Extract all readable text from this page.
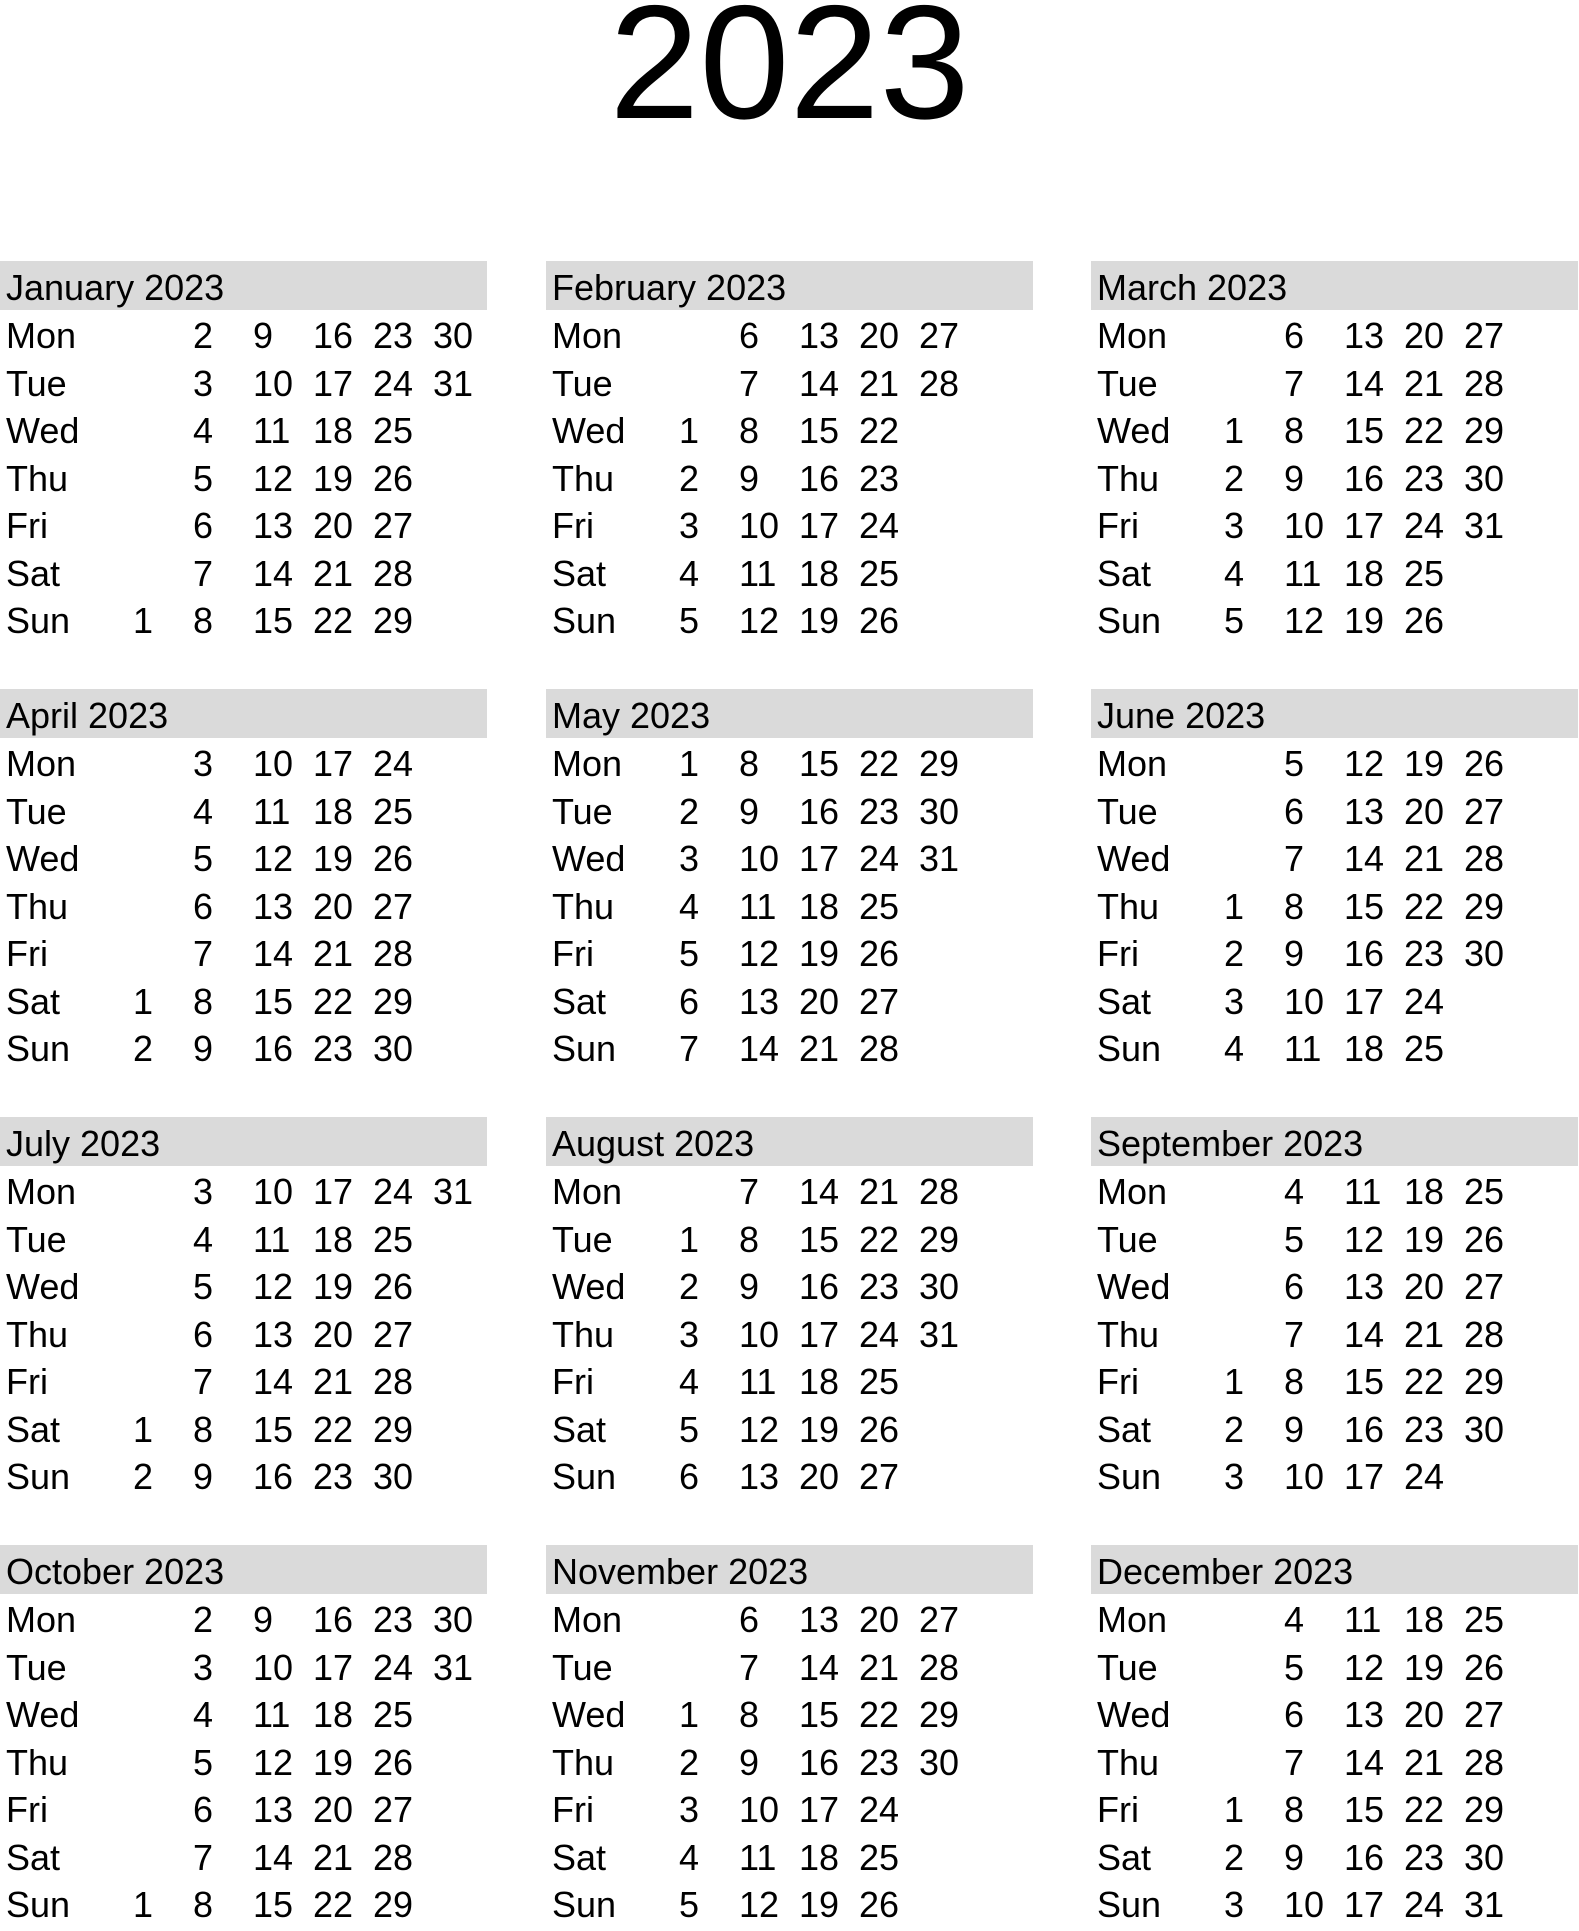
2023
January 2023
Mon	2 9 16 23 30
Tue	3 10 17 24 31
Wed	4 11 18 25
Thu	5 12 19 26
Fri	6 13 20 27
Sat	7 14 21 28
Sun 1 8 15 22 29
February 2023
Mon	6 13 20 27
Tue	7 14 21 28
Wed 1 8 15 22
Thu 2 9 16 23
Fri 3 10 17 24
Sat 4 11 18 25
Sun 5 12 19 26
March 2023
Mon	6 13 20 27
Tue	7 14 21 28
Wed 1 8 15 22 29
Thu 2 9 16 23 30
Fri 3 10 17 24 31
Sat 4 11 18 25
Sun 5 12 19 26
April 2023
Mon	3 10 17 24
Tue	4 11 18 25
Wed	5 12 19 26
Thu	6 13 20 27
Fri	7 14 21 28
Sat 1 8 15 22 29
Sun 2 9 16 23 30
May 2023
Mon 1 8 15 22 29
Tue 2 9 16 23 30
Wed 3 10 17 24 31
Thu 4 11 18 25
Fri 5 12 19 26
Sat 6 13 20 27
Sun 7 14 21 28
June 2023
Mon	5 12 19 26
Tue	6 13 20 27
Wed	7 14 21 28
Thu 1 8 15 22 29
Fri 2 9 16 23 30
Sat 3 10 17 24
Sun 4 11 18 25
July 2023
Mon	3 10 17 24 31
Tue	4 11 18 25
Wed	5 12 19 26
Thu	6 13 20 27
Fri	7 14 21 28
Sat 1 8 15 22 29
Sun 2 9 16 23 30
August 2023
Mon	7 14 21 28
Tue 1 8 15 22 29
Wed 2 9 16 23 30
Thu 3 10 17 24 31
Fri 4 11 18 25
Sat 5 12 19 26
Sun 6 13 20 27
September 2023
Mon	4 11 18 25
Tue	5 12 19 26
Wed	6 13 20 27
Thu	7 14 21 28
Fri 1 8 15 22 29
Sat 2 9 16 23 30
Sun 3 10 17 24
October 2023
Mon	2 9 16 23 30
Tue	3 10 17 24 31
Wed	4 11 18 25
Thu	5 12 19 26
Fri	6 13 20 27
Sat	7 14 21 28
Sun 1 8 15 22 29
November 2023
Mon	6 13 20 27
Tue	7 14 21 28
Wed 1 8 15 22 29
Thu 2 9 16 23 30
Fri 3 10 17 24
Sat 4 11 18 25
Sun 5 12 19 26
December 2023
Mon	4 11 18 25
Tue	5 12 19 26
Wed	6 13 20 27
Thu	7 14 21 28
Fri 1 8 15 22 29
Sat 2 9 16 23 30
Sun 3 10 17 24 31
